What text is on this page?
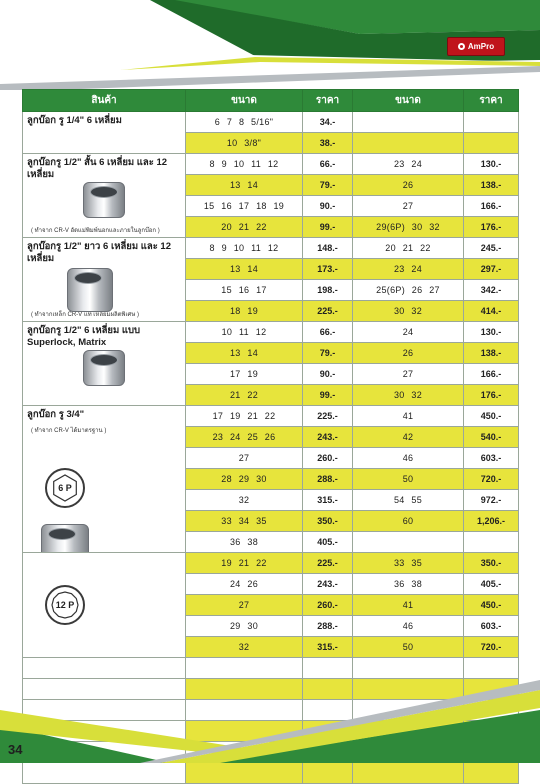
AmPro
สินค้า	ขนาด	ราคา	ขนาด	ราคา

ลูกบ๊อก รู 1/4" 6 เหลี่ยม	6 7 8 5/16"	34.-		
	10 3/8"	38.-		

ลูกบ๊อกรู 1/2" สั้น 6 เหลี่ยม และ 12 เหลี่ยม
( ทำจาก CR-V อัดแม่พิมพ์นอกและภายในลูกบ๊อก )	8 9 10 11 12	66.-	23 24	130.-
	13 14	79.-	26	138.-
	15 16 17 18 19	90.-	27	166.-
	20 21 22	99.-	29(6P) 30 32	176.-

ลูกบ๊อกรู 1/2" ยาว 6 เหลี่ยม และ 12 เหลี่ยม
( ทำจากเหล็ก CR-V แท้ เหลี่ยมผลิตพิเศษ )	8 9 10 11 12	148.-	20 21 22	245.-
	13 14	173.-	23 24	297.-
	15 16 17	198.-	25(6P) 26 27	342.-
	18 19	225.-	30 32	414.-

ลูกบ๊อกรู 1/2" 6 เหลี่ยม แบบ Superlock, Matrix	10 11 12	66.-	24	130.-
	13 14	79.-	26	138.-
	17 19	90.-	27	166.-
	21 22	99.-	30 32	176.-

ลูกบ๊อก รู 3/4"
( ทำจาก CR-V ได้มาตรฐาน )
6 P	17 19 21 22	225.-	41	450.-
	23 24 25 26	243.-	42	540.-
	27	260.-	46	603.-
	28 29 30	288.-	50	720.-
	32	315.-	54 55	972.-
	33 34 35	350.-	60	1,206.-
	36 38	405.-		

12 P	19 21 22	225.-	33 35	350.-
	24 26	243.-	36 38	405.-
	27	260.-	41	450.-
	29 30	288.-	46	603.-
	32	315.-	50	720.-

34
